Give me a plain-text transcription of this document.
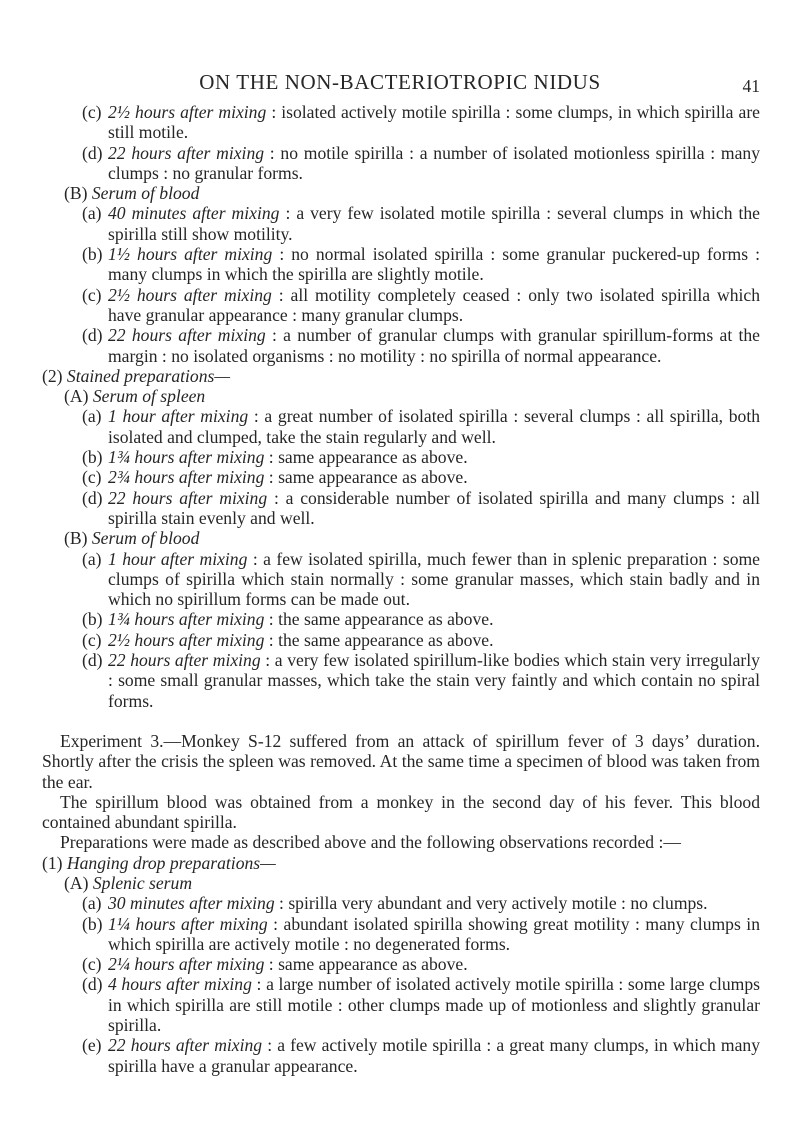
ON THE NON-BACTERIOTROPIC NIDUS	41
(c) 2½ hours after mixing : isolated actively motile spirilla : some clumps, in which spirilla are still motile.
(d) 22 hours after mixing : no motile spirilla : a number of isolated motionless spirilla : many clumps : no granular forms.
(B) Serum of blood
(a) 40 minutes after mixing : a very few isolated motile spirilla : several clumps in which the spirilla still show motility.
(b) 1½ hours after mixing : no normal isolated spirilla : some granular puckered-up forms : many clumps in which the spirilla are slightly motile.
(c) 2½ hours after mixing : all motility completely ceased : only two isolated spirilla which have granular appearance : many granular clumps.
(d) 22 hours after mixing : a number of granular clumps with granular spirillum-forms at the margin : no isolated organisms : no motility : no spirilla of normal appearance.
(2) Stained preparations—
(A) Serum of spleen
(a) 1 hour after mixing : a great number of isolated spirilla : several clumps : all spirilla, both isolated and clumped, take the stain regularly and well.
(b) 1¾ hours after mixing : same appearance as above.
(c) 2¾ hours after mixing : same appearance as above.
(d) 22 hours after mixing : a considerable number of isolated spirilla and many clumps : all spirilla stain evenly and well.
(B) Serum of blood
(a) 1 hour after mixing : a few isolated spirilla, much fewer than in splenic preparation : some clumps of spirilla which stain normally : some granular masses, which stain badly and in which no spirillum forms can be made out.
(b) 1¾ hours after mixing : the same appearance as above.
(c) 2½ hours after mixing : the same appearance as above.
(d) 22 hours after mixing : a very few isolated spirillum-like bodies which stain very irregularly : some small granular masses, which take the stain very faintly and which contain no spiral forms.

Experiment 3.—Monkey S-12 suffered from an attack of spirillum fever of 3 days’ duration. Shortly after the crisis the spleen was removed. At the same time a specimen of blood was taken from the ear.

The spirillum blood was obtained from a monkey in the second day of his fever. This blood contained abundant spirilla.

Preparations were made as described above and the following observations recorded :—

(1) Hanging drop preparations—
(A) Splenic serum
(a) 30 minutes after mixing : spirilla very abundant and very actively motile : no clumps.
(b) 1¼ hours after mixing : abundant isolated spirilla showing great motility : many clumps in which spirilla are actively motile : no degenerated forms.
(c) 2¼ hours after mixing : same appearance as above.
(d) 4 hours after mixing : a large number of isolated actively motile spirilla : some large clumps in which spirilla are still motile : other clumps made up of motionless and slightly granular spirilla.
(e) 22 hours after mixing : a few actively motile spirilla : a great many clumps, in which many spirilla have a granular appearance.
